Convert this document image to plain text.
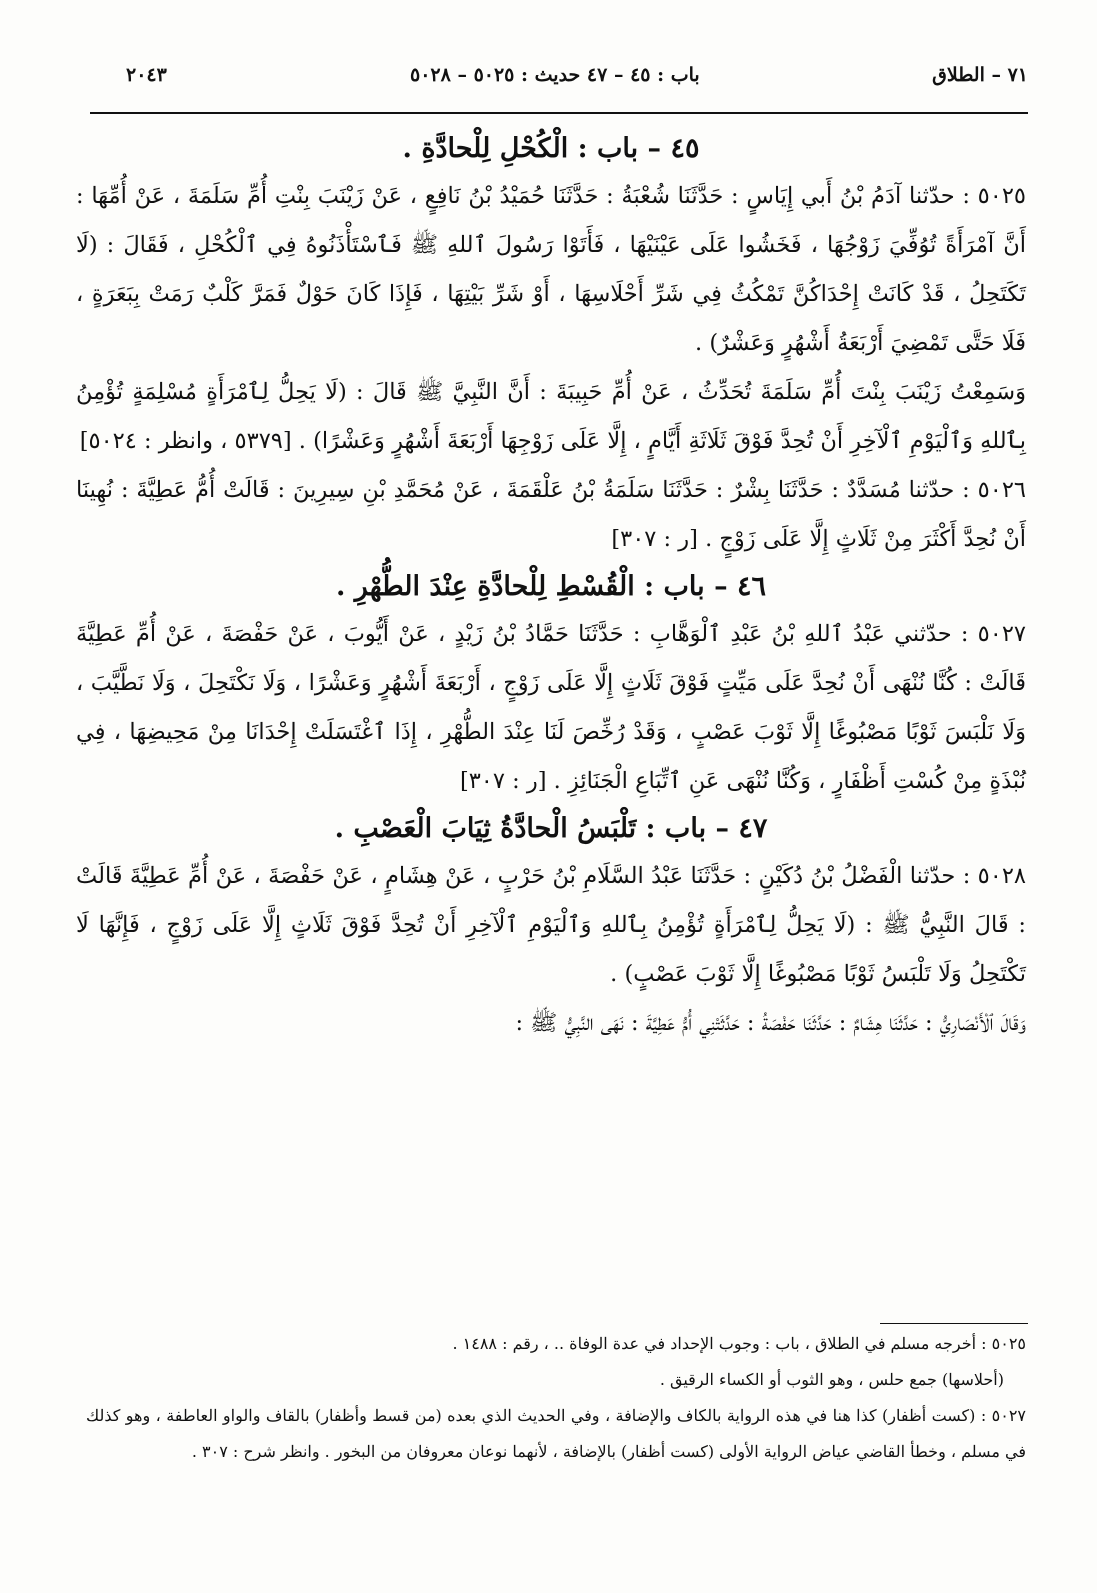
٧١ – الطلاق
باب : ٤٥ – ٤٧ حديث : ٥٠٢٥ – ٥٠٢٨
٢٠٤٣
٤٥ – باب : الْكُحْلِ لِلْحادَّةِ .

٥٠٢٥ : حدّثنا آدَمُ بْنُ أَبي إِيَاسٍ : حَدَّثَنَا شُعْبَةُ : حَدَّثَنَا حُمَيْدُ بْنُ نَافِعٍ ، عَنْ زَيْنَبَ بِنْتِ أُمِّ سَلَمَةَ ، عَنْ أُمِّهَا : أَنَّ آمْرَأَةً تُوُفِّيَ زَوْجُهَا ، فَخَشُوا عَلَى عَيْنَيْهَا ، فَأَتَوْا رَسُولَ ٱللهِ ﷺ فَٱسْتَأْذَنُوهُ فِي ٱلْكُحْلِ ، فَقَالَ : (لَا تَكَتَحِلُ ، قَدْ كَانَتْ إِحْدَاكُنَّ تَمْكُثُ فِي شَرِّ أَحْلَاسِهَا ، أَوْ شَرِّ بَيْتِهَا ، فَإِذَا كَانَ حَوْلٌ فَمَرَّ كَلْبٌ رَمَتْ بِبَعَرَةٍ ، فَلَا حَتَّى تَمْضِيَ أَرْبَعَةُ أَشْهُرٍ وَعَشْرٌ) .

وَسَمِعْتُ زَيْنَبَ بِنْتَ أُمِّ سَلَمَةَ تُحَدِّثُ ، عَنْ أُمِّ حَبِيبَةَ : أَنَّ النَّبِيَّ ﷺ قَالَ : (لَا يَحِلُّ لِٱمْرَأَةٍ مُسْلِمَةٍ تُؤْمِنُ بِٱللهِ وَٱلْيَوْمِ ٱلْآخِرِ أَنْ تُحِدَّ فَوْقَ ثَلَاثَةِ أَيَّامٍ ، إِلَّا عَلَى زَوْجِهَا أَرْبَعَةَ أَشْهُرٍ وَعَشْرًا) . [٥٣٧٩ ، وانظر : ٥٠٢٤]

٥٠٢٦ : حدّثنا مُسَدَّدٌ : حَدَّثَنَا بِشْرٌ : حَدَّثَنَا سَلَمَةُ بْنُ عَلْقَمَةَ ، عَنْ مُحَمَّدِ بْنِ سِيرِينَ : قَالَتْ أُمُّ عَطِيَّةَ : نُهِينَا أَنْ نُحِدَّ أَكْثَرَ مِنْ ثَلَاثٍ إِلَّا عَلَى زَوْجٍ . [ر : ٣٠٧]

٤٦ – باب : الْقُسْطِ لِلْحادَّةِ عِنْدَ الطُّهْرِ .

٥٠٢٧ : حدّثني عَبْدُ ٱللهِ بْنُ عَبْدِ ٱلْوَهَّابِ : حَدَّثَنَا حَمَّادُ بْنُ زَيْدٍ ، عَنْ أَيُّوبَ ، عَنْ حَفْصَةَ ، عَنْ أُمِّ عَطِيَّةَ قَالَتْ : كُنَّا نُنْهَى أَنْ نُحِدَّ عَلَى مَيِّتٍ فَوْقَ ثَلَاثٍ إِلَّا عَلَى زَوْجٍ ، أَرْبَعَةَ أَشْهُرٍ وَعَشْرًا ، وَلَا نَكْتَحِلَ ، وَلَا نَطَّيَّبَ ، وَلَا نَلْبَسَ ثَوْبًا مَصْبُوغًا إِلَّا ثَوْبَ عَصْبٍ ، وَقَدْ رُخِّصَ لَنَا عِنْدَ الطُّهْرِ ، إِذَا ٱغْتَسَلَتْ إِحْدَانَا مِنْ مَحِيضِهَا ، فِي نُبْذَةٍ مِنْ كُسْتِ أَظْفَارٍ ، وَكُنَّا نُنْهَى عَنِ ٱتِّبَاعِ الْجَنَائِزِ . [ر : ٣٠٧]

٤٧ – باب : تَلْبَسُ الْحادَّةُ ثِيَابَ الْعَصْبِ .

٥٠٢٨ : حدّثنا الْفَضْلُ بْنُ دُكَيْنٍ : حَدَّثَنَا عَبْدُ السَّلَامِ بْنُ حَرْبٍ ، عَنْ هِشَامٍ ، عَنْ حَفْصَةَ ، عَنْ أُمِّ عَطِيَّةَ قَالَتْ : قَالَ النَّبِيُّ ﷺ : (لَا يَحِلُّ لِٱمْرَأَةٍ تُؤْمِنُ بِٱللهِ وَٱلْيَوْمِ ٱلْآخِرِ أَنْ تُحِدَّ فَوْقَ ثَلَاثٍ إِلَّا عَلَى زَوْجٍ ، فَإِنَّهَا لَا تَكْتَحِلُ وَلَا تَلْبَسُ ثَوْبًا مَصْبُوغًا إِلَّا ثَوْبَ عَصْبٍ) .

وَقَالَ ٱلْأَنْصَارِيُّ : حَدَّثَنَا هِشَامٌ : حَدَّثَنَا حَفْصَةُ : حَدَّثَتْنِي أُمُّ عَطِيَّةَ : نَهَى النَّبِيُّ ﷺ :

٥٠٢٥ : أخرجه مسلم في الطلاق ، باب : وجوب الإحداد في عدة الوفاة .. ، رقم : ١٤٨٨ .

(أحلاسها) جمع حلس ، وهو الثوب أو الكساء الرقيق .

٥٠٢٧ : (كست أظفار) كذا هنا في هذه الرواية بالكاف والإضافة ، وفي الحديث الذي بعده (من قسط وأظفار) بالقاف والواو العاطفة ، وهو كذلك في مسلم ، وخطأ القاضي عياض الرواية الأولى (كست أظفار) بالإضافة ، لأنهما نوعان معروفان من البخور . وانظر شرح : ٣٠٧ .
